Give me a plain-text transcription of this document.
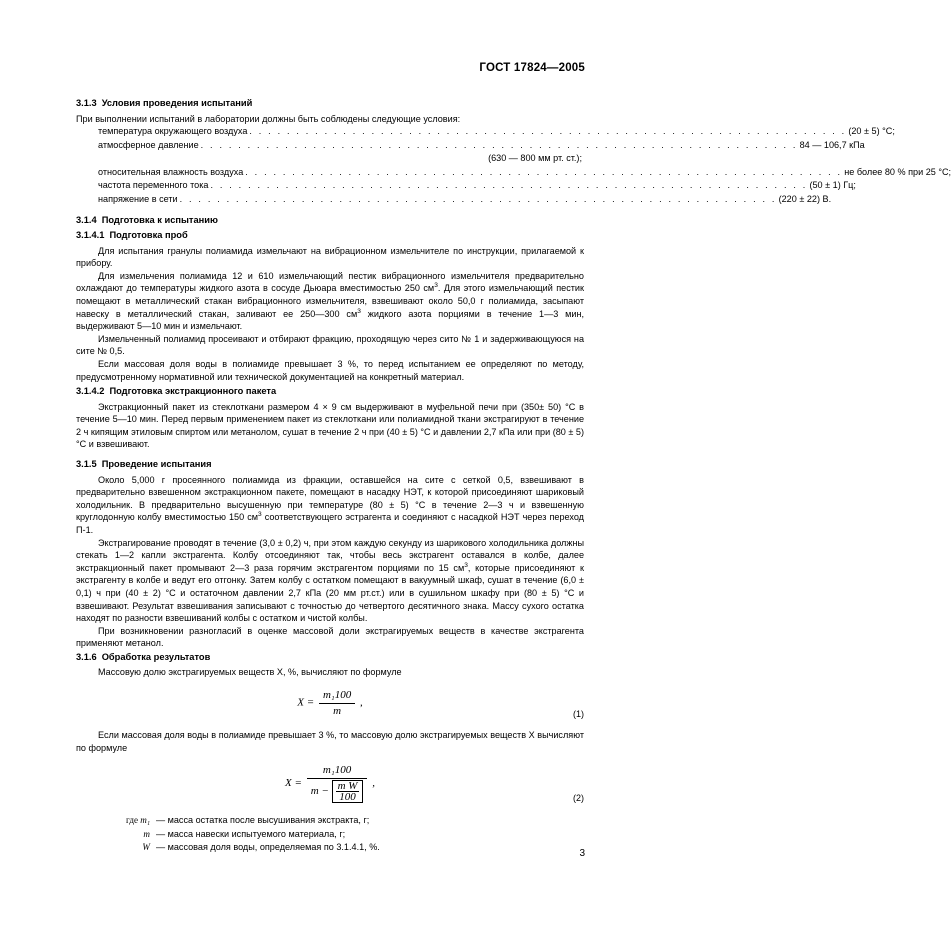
ГОСТ 17824—2005
3.1.3 Условия проведения испытаний

При выполнении испытаний в лаборатории должны быть соблюдены следующие условия:

температура окружающего воздуха . . . . . . . . . . . . . . . . . . . . . . . . . . . . . . . . . . . . . . . . . . . . . . . . . . . . . . . . . . . . . . . . (20 ± 5) °С;
атмосферное давление . . . . . . . . . . . . . . . . . . . . . . . . . . . . . . . . . . . . . . . . . . . . . . . . . . . . . . . . . . . . . . . . 84 — 106,7 кПа
(630 — 800 мм рт. ст.);
относительная влажность воздуха . . . . . . . . . . . . . . . . . . . . . . . . . . . . . . . . . . . . . . . . . . . . . . . . . . . . . . . . . . . . . . . . не более 80 % при 25 °С;
частота переменного тока . . . . . . . . . . . . . . . . . . . . . . . . . . . . . . . . . . . . . . . . . . . . . . . . . . . . . . . . . . . . . . . . (50 ± 1) Гц;
напряжение в сети . . . . . . . . . . . . . . . . . . . . . . . . . . . . . . . . . . . . . . . . . . . . . . . . . . . . . . . . . . . . . . . . (220 ± 22) В.
3.1.4 Подготовка к испытанию
3.1.4.1 Подготовка проб

Для испытания гранулы полиамида измельчают на вибрационном измельчителе по инструкции, прилагаемой к прибору.

Для измельчения полиамида 12 и 610 измельчающий пестик вибрационного измельчителя предварительно охлаждают до температуры жидкого азота в сосуде Дьюара вместимостью 250 $см^3$. Для этого измельчающий пестик помещают в металлический стакан вибрационного измельчителя, взвешивают около 50,0 г полиамида, засыпают навеску в металлический стакан, заливают ее 250—300 $см^3$ жидкого азота порциями в течение 1—3 мин, выдерживают 5—10 мин и измельчают.

Измельченный полиамид просеивают и отбирают фракцию, проходящую через сито № 1 и задерживающуюся на сите № 0,5.

Если массовая доля воды в полиамиде превышает 3 %, то перед испытанием ее определяют по методу, предусмотренному нормативной или технической документацией на конкретный материал.

3.1.4.2 Подготовка экстракционного пакета

Экстракционный пакет из стеклоткани размером 4 × 9 см выдерживают в муфельной печи при (350± 50) °С в течение 5—10 мин. Перед первым применением пакет из стеклоткани или полиамидной ткани экстрагируют в течение 2 ч кипящим этиловым спиртом или метанолом, сушат в течение 2 ч при (40 ± 5) °С и давлении 2,7 кПа или при (80 ± 5) °С и взвешивают.

3.1.5 Проведение испытания

Около 5,000 г просеянного полиамида из фракции, оставшейся на сите с сеткой 0,5, взвешивают в предварительно взвешенном экстракционном пакете, помещают в насадку НЭТ, к которой присоединяют шариковый холодильник. В предварительно высушенную при температуре (80 ± 5) °С в течение 2—3 ч и взвешенную круглодонную колбу вместимостью 150 $см^3$ соответствующего эстрагента и соединяют с насадкой НЭТ через переход П-1.

Экстрагирование проводят в течение (3,0 ± 0,2) ч, при этом каждую секунду из шарикового холодильника должны стекать 1—2 капли экстрагента. Колбу отсоединяют так, чтобы весь экстрагент оставался в колбе, далее экстракционный пакет промывают 2—3 раза горячим экстрагентом порциями по 15 $см^3$, которые присоединяют к экстрагенту в колбе и ведут его отгонку. Затем колбу с остатком помещают в вакуумный шкаф, сушат в течение (6,0 ± 0,1) ч при (40 ± 2) °С и остаточном давлении 2,7 кПа (20 мм рт.ст.) или в сушильном шкафу при (80 ± 5) °С и взвешивают. Результат взвешивания записывают с точностью до четвертого десятичного знака. Массу сухого остатка находят по разности взвешиваний колбы с остатком и чистой колбы.

При возникновении разногласий в оценке массовой доли экстрагируемых веществ в качестве экстрагента применяют метанол.

3.1.6 Обработка результатов

Массовую долю экстрагируемых веществ X, %, вычисляют по формуле

$X = \frac{\text{m₁100}}{m}$ ,
(1)

Если массовая доля воды в полиамиде превышает 3 %, то массовую долю экстрагируемых веществ X вычисляют по формуле

$X = \frac{\text{m₁100}}{m - \frac{\text{m W}}{100}}$ ,
(2)
где m₁ — масса остатка после высушивания экстракта, г;
m — масса навески испытуемого материала, г;
W — массовая доля воды, определяемая по 3.1.4.1, %.
3
